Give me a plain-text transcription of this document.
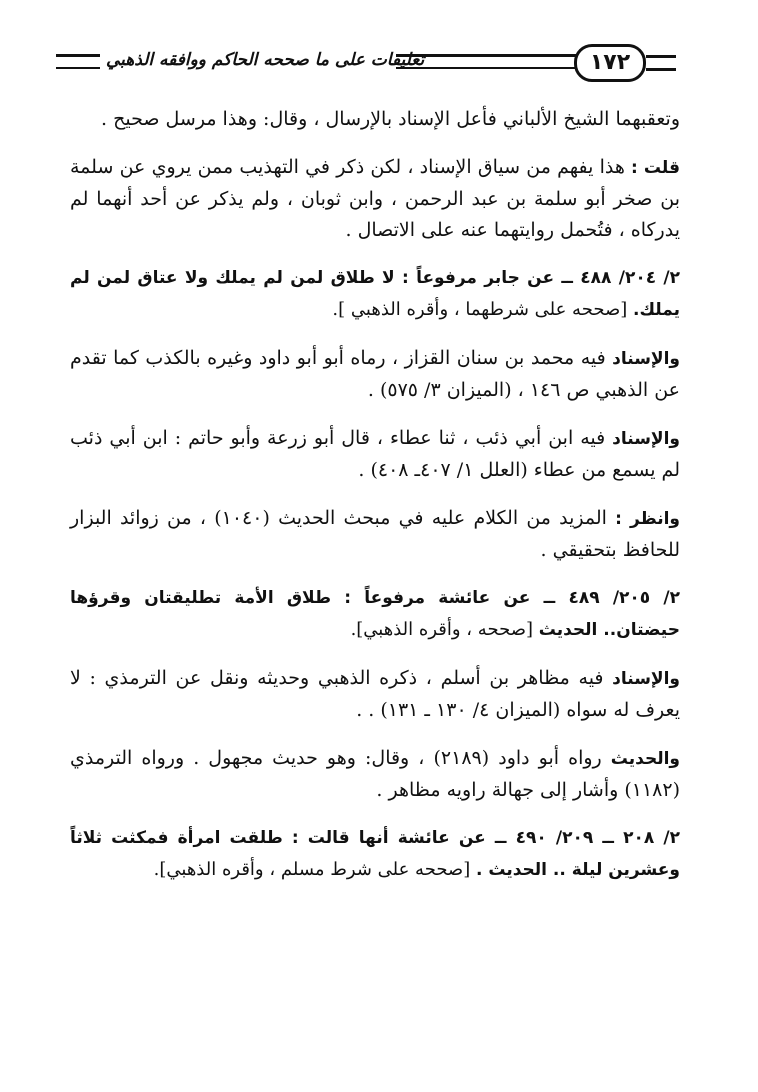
تعليقات على ما صححه الحاكم ووافقه الذهبي	١٧٢

وتعقبهما الشيخ الألباني فأعل الإسناد بالإرسال ، وقال: وهذا مرسل صحيح .

قلت : هذا يفهم من سياق الإسناد ، لكن ذكر في التهذيب ممن يروي عن سلمة بن صخر أبو سلمة بن عبد الرحمن ، وابن ثوبان ، ولم يذكر عن أحد أنهما لم يدركاه ، فتُحمل روايتهما عنه على الاتصال .

٢/ ٢٠٤/ ٤٨٨ ــ عن جابر مرفوعاً : لا طلاق لمن لم يملك ولا عتاق لمن لم يملك. [صححه على شرطهما ، وأقره الذهبي ].

والإسناد فيه محمد بن سنان القزاز ، رماه أبو أبو داود وغيره بالكذب كما تقدم عن الذهبي ص ١٤٦ ، (الميزان ٣/ ٥٧٥) .

والإسناد فيه ابن أبي ذئب ، ثنا عطاء ، قال أبو زرعة وأبو حاتم : ابن أبي ذئب لم يسمع من عطاء (العلل ١/ ٤٠٧ـ ٤٠٨) .

وانظر : المزيد من الكلام عليه في مبحث الحديث (١٠٤٠) ، من زوائد البزار للحافظ بتحقيقي .

٢/ ٢٠٥/ ٤٨٩ ــ عن عائشة مرفوعاً : طلاق الأمة تطليقتان وقرؤها حيضتان.. الحديث [صححه ، وأقره الذهبي].

والإسناد فيه مظاهر بن أسلم ، ذكره الذهبي وحديثه ونقل عن الترمذي : لا يعرف له سواه (الميزان ٤/ ١٣٠ ـ ١٣١) . .

والحديث رواه أبو داود (٢١٨٩) ، وقال: وهو حديث مجهول . ورواه الترمذي (١١٨٢) وأشار إلى جهالة راويه مظاهر .

٢/ ٢٠٨ ــ ٢٠٩/ ٤٩٠ ــ عن عائشة أنها قالت : طلقت امرأة فمكثت ثلاثاً وعشرين ليلة .. الحديث . [صححه على شرط مسلم ، وأقره الذهبي].
